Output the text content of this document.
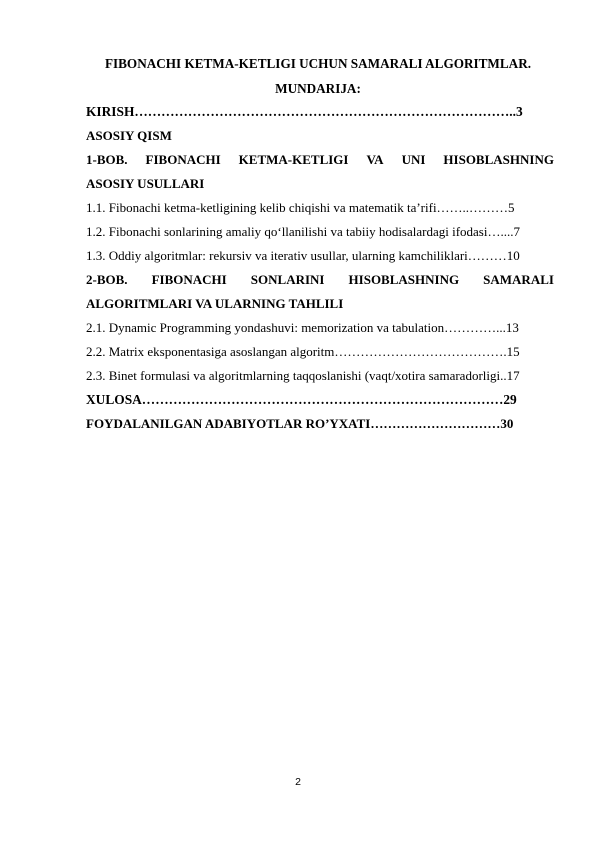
FIBONACHI KETMA-KETLIGI UCHUN SAMARALI ALGORITMLAR.
MUNDARIJA:
KIRISH…………………………………………………………………………..3
ASOSIY QISM
1-BOB. FIBONACHI KETMA-KETLIGI VA UNI HISOBLASHNING
ASOSIY USULLARI
1.1. Fibonachi ketma-ketligining kelib chiqishi va matematik ta’rifi……..………5
1.2. Fibonachi sonlarining amaliy qo‘llanilishi va tabiiy hodisalardagi ifodasi…....7
1.3. Oddiy algoritmlar: rekursiv va iterativ usullar, ularning kamchiliklari………10
2-BOB. FIBONACHI SONLARINI HISOBLASHNING SAMARALI
ALGORITMLARI VA ULARNING TAHLILI
2.1. Dynamic Programming yondashuvi: memorization va tabulation…………...13
2.2. Matrix eksponentasiga asoslangan algoritm………………………………….15
2.3. Binet formulasi va algoritmlarning taqqoslanishi (vaqt/xotira samaradorligi..17
XULOSA………………………………………………………………………29
FOYDALANILGAN ADABIYOTLAR RO’YXATI…………………………30
2
